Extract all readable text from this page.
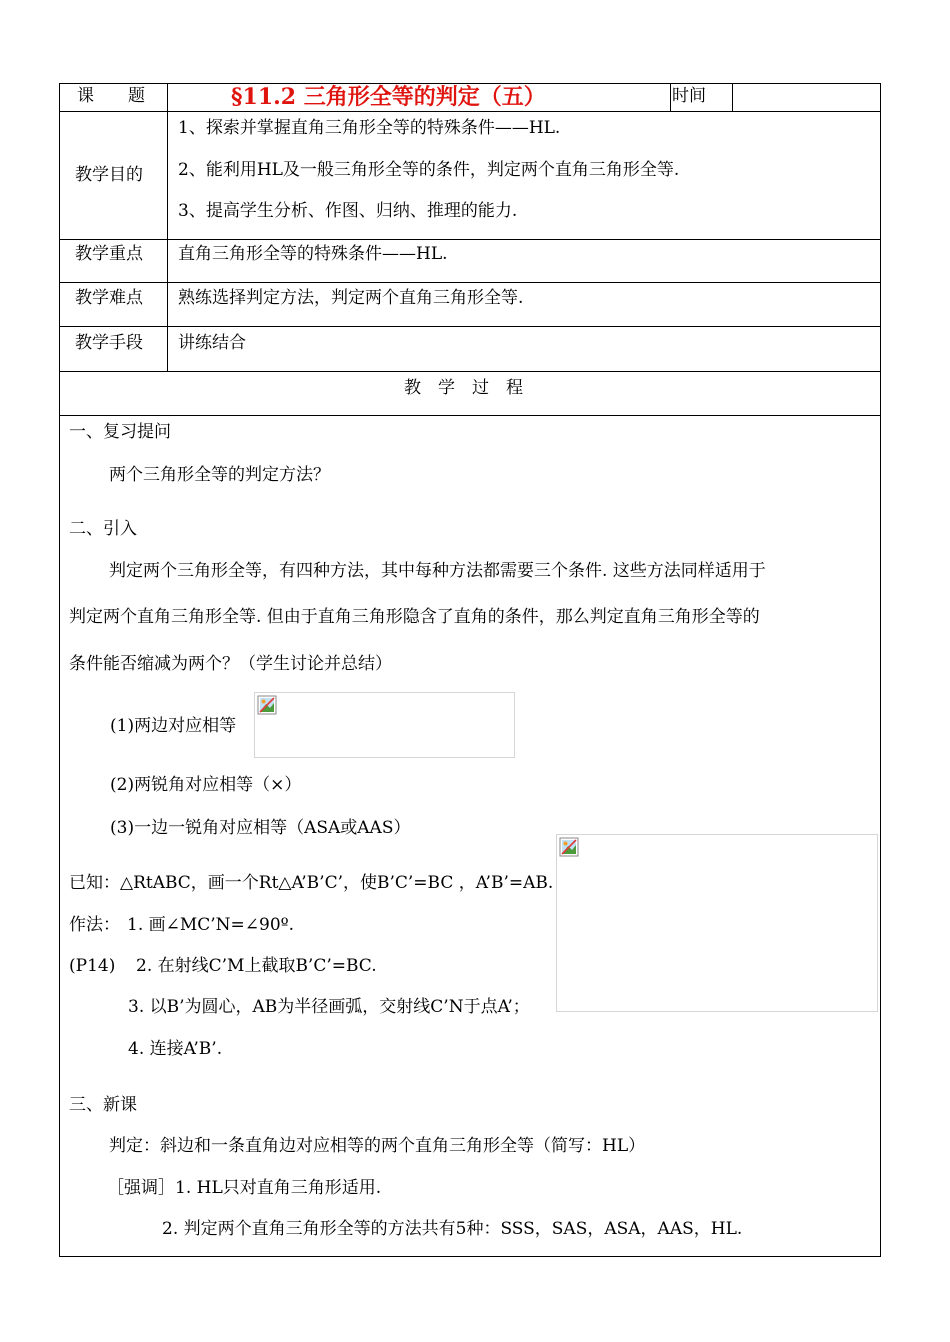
课　　题	§11.2 三角形全等的判定（五）	时间
教学目的
1、探索并掌握直角三角形全等的特殊条件——HL.
2、能利用HL及一般三角形全等的条件，判定两个直角三角形全等.
3、提高学生分析、作图、归纳、推理的能力.
教学重点 直角三角形全等的特殊条件——HL.
教学难点 熟练选择判定方法，判定两个直角三角形全等.
教学手段 讲练结合
教　学　过　程
一、复习提问
两个三角形全等的判定方法？
二、引入
判定两个三角形全等，有四种方法，其中每种方法都需要三个条件. 这些方法同样适用于
判定两个直角三角形全等. 但由于直角三角形隐含了直角的条件，那么判定直角三角形全等的
条件能否缩减为两个？（学生讨论并总结）
(1)两边对应相等
(2)两锐角对应相等（×）
(3)一边一锐角对应相等（ASA或AAS）
已知：△RtABC，画一个Rt△A’B’C’，使B’C’=BC ，A’B’=AB.
作法： 1. 画∠MC’N=∠90º.
(P14) 2. 在射线C’M上截取B’C’=BC.
3. 以B’为圆心，AB为半径画弧，交射线C’N于点A’；
4. 连接A’B’.
三、新课
判定：斜边和一条直角边对应相等的两个直角三角形全等（简写：HL）
［强调］1. HL只对直角三角形适用.
2. 判定两个直角三角形全等的方法共有5种：SSS，SAS，ASA，AAS，HL.
